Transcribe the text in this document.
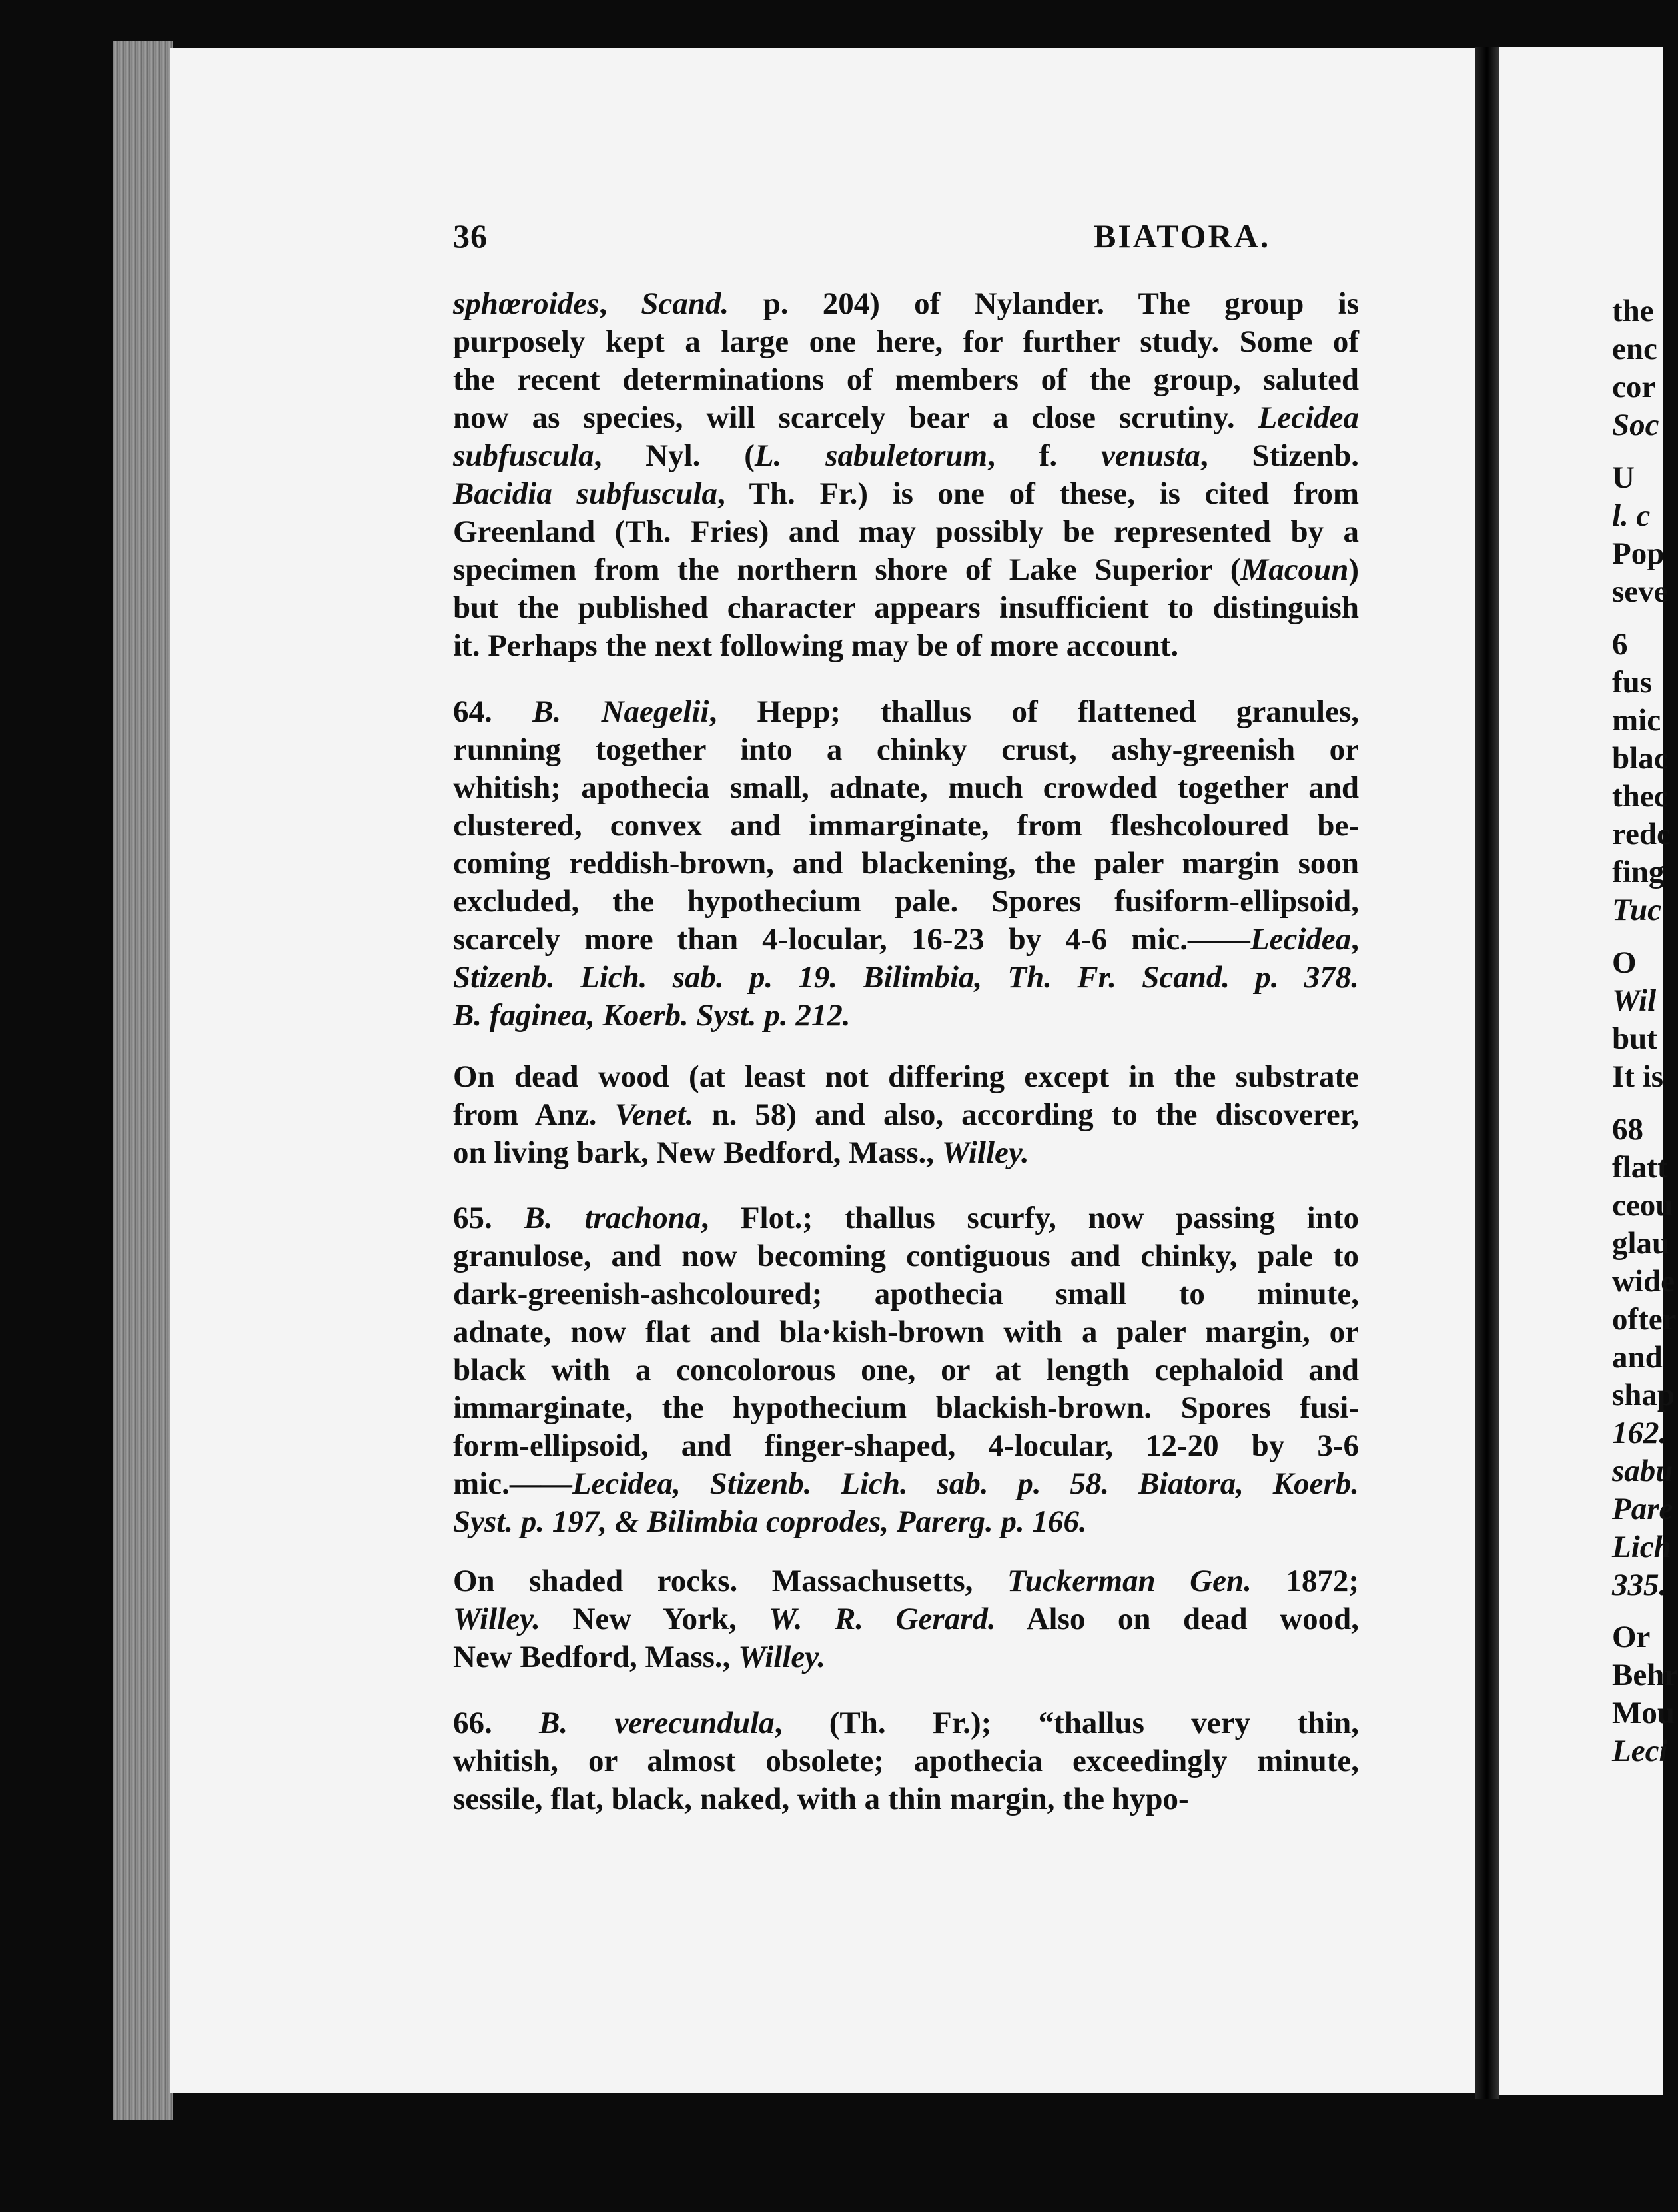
the
enc
cor
Soc
U
l. c
Pop
seve
6
fus
mic
blac
thec
redc
fing
Tuc
O
Wil
but
It is
68
flatt
ceou
glau
wide
ofter
and
shap
162.
sabu
Pare
Lich
335.
Or
Behr
Mou
Leci
36	BIATORA.
sphœroides, Scand. p. 204) of Nylander. The group is
purposely kept a large one here, for further study. Some of
the recent determinations of members of the group, saluted
now as species, will scarcely bear a close scrutiny. Lecidea
subfuscula, Nyl. (L. sabuletorum, f. venusta, Stizenb.
Bacidia subfuscula, Th. Fr.) is one of these, is cited from
Greenland (Th. Fries) and may possibly be represented by a
specimen from the northern shore of Lake Superior (Macoun)
but the published character appears insufficient to distinguish
it. Perhaps the next following may be of more account.
64. B. Naegelii, Hepp; thallus of flattened granules,
running together into a chinky crust, ashy-greenish or
whitish; apothecia small, adnate, much crowded together and
clustered, convex and immarginate, from fleshcoloured be-
coming reddish-brown, and blackening, the paler margin soon
excluded, the hypothecium pale. Spores fusiform-ellipsoid,
scarcely more than 4-locular, 16-23 by 4-6 mic.——Lecidea,
Stizenb. Lich. sab. p. 19. Bilimbia, Th. Fr. Scand. p. 378.
B. faginea, Koerb. Syst. p. 212.
On dead wood (at least not differing except in the substrate
from Anz. Venet. n. 58) and also, according to the discoverer,
on living bark, New Bedford, Mass., Willey.
65. B. trachona, Flot.; thallus scurfy, now passing into
granulose, and now becoming contiguous and chinky, pale to
dark-greenish-ashcoloured; apothecia small to minute,
adnate, now flat and bla·kish-brown with a paler margin, or
black with a concolorous one, or at length cephaloid and
immarginate, the hypothecium blackish-brown. Spores fusi-
form-ellipsoid, and finger-shaped, 4-locular, 12-20 by 3-6
mic.——Lecidea, Stizenb. Lich. sab. p. 58. Biatora, Koerb.
Syst. p. 197, & Bilimbia coprodes, Parerg. p. 166.
On shaded rocks. Massachusetts, Tuckerman Gen. 1872;
Willey. New York, W. R. Gerard. Also on dead wood,
New Bedford, Mass., Willey.
66. B. verecundula, (Th. Fr.); “thallus very thin,
whitish, or almost obsolete; apothecia exceedingly minute,
sessile, flat, black, naked, with a thin margin, the hypo-
